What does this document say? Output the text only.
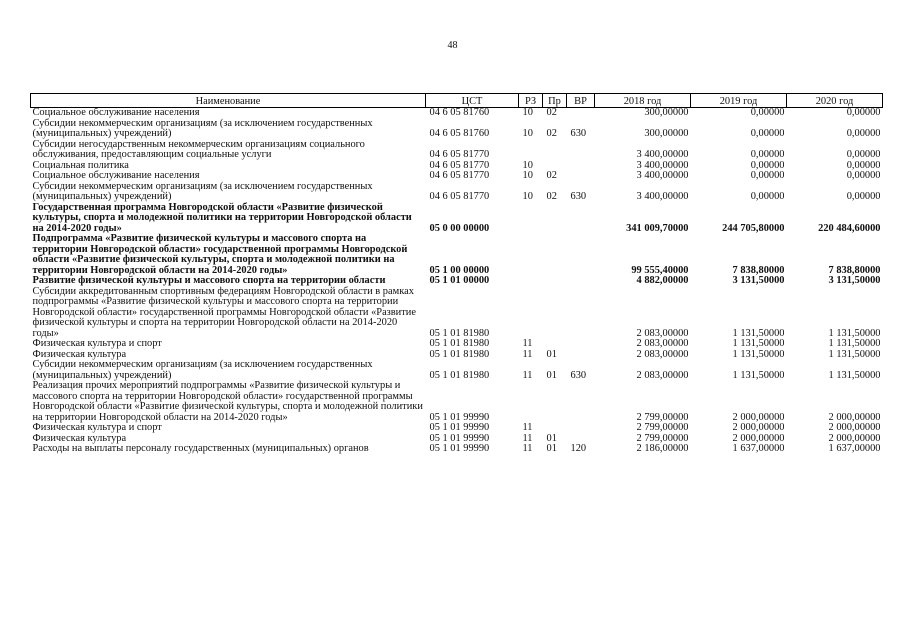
48
Наименование	ЦСТ	РЗ	Пр	ВР	2018 год	2019 год	2020 год
Социальное обслуживание населения	04 6 05 81760	10	02		300,00000	0,00000	0,00000
Субсидии некоммерческим организациям (за исключением государственных (муниципальных) учреждений)	04 6 05 81760	10	02	630	300,00000	0,00000	0,00000
Субсидии негосударственным некоммерческим организациям социального обслуживания, предоставляющим социальные услуги	04 6 05 81770				3 400,00000	0,00000	0,00000
Социальная политика	04 6 05 81770	10			3 400,00000	0,00000	0,00000
Социальное обслуживание населения	04 6 05 81770	10	02		3 400,00000	0,00000	0,00000
Субсидии некоммерческим организациям (за исключением государственных (муниципальных) учреждений)	04 6 05 81770	10	02	630	3 400,00000	0,00000	0,00000
Государственная программа Новгородской области «Развитие физической культуры, спорта и молодежной политики на территории Новгородской области на 2014-2020 годы»	05 0 00 00000				341 009,70000	244 705,80000	220 484,60000
Подпрограмма «Развитие физической культуры и массового спорта на территории Новгородской области» государственной программы Новгородской области «Развитие физической культуры, спорта и молодежной политики на территории Новгородской области на 2014-2020 годы»	05 1 00 00000				99 555,40000	7 838,80000	7 838,80000
Развитие физической культуры и массового спорта на территории области	05 1 01 00000				4 882,00000	3 131,50000	3 131,50000
Субсидии аккредитованным спортивным федерациям Новгородской области в рамках подпрограммы «Развитие физической культуры и массового спорта на территории Новгородской области» государственной программы Новгородской области «Развитие физической культуры и спорта на территории Новгородской области на 2014-2020 годы»	05 1 01 81980				2 083,00000	1 131,50000	1 131,50000
Физическая культура и спорт	05 1 01 81980	11			2 083,00000	1 131,50000	1 131,50000
Физическая культура	05 1 01 81980	11	01		2 083,00000	1 131,50000	1 131,50000
Субсидии некоммерческим организациям (за исключением государственных (муниципальных) учреждений)	05 1 01 81980	11	01	630	2 083,00000	1 131,50000	1 131,50000
Реализация прочих мероприятий подпрограммы «Развитие физической культуры и массового спорта на территории Новгородской области» государственной программы Новгородской области «Развитие физической культуры, спорта и молодежной политики на территории Новгородской области на 2014-2020 годы»	05 1 01 99990				2 799,00000	2 000,00000	2 000,00000
Физическая культура и спорт	05 1 01 99990	11			2 799,00000	2 000,00000	2 000,00000
Физическая культура	05 1 01 99990	11	01		2 799,00000	2 000,00000	2 000,00000
Расходы на выплаты персоналу государственных (муниципальных) органов	05 1 01 99990	11	01	120	2 186,00000	1 637,00000	1 637,00000
